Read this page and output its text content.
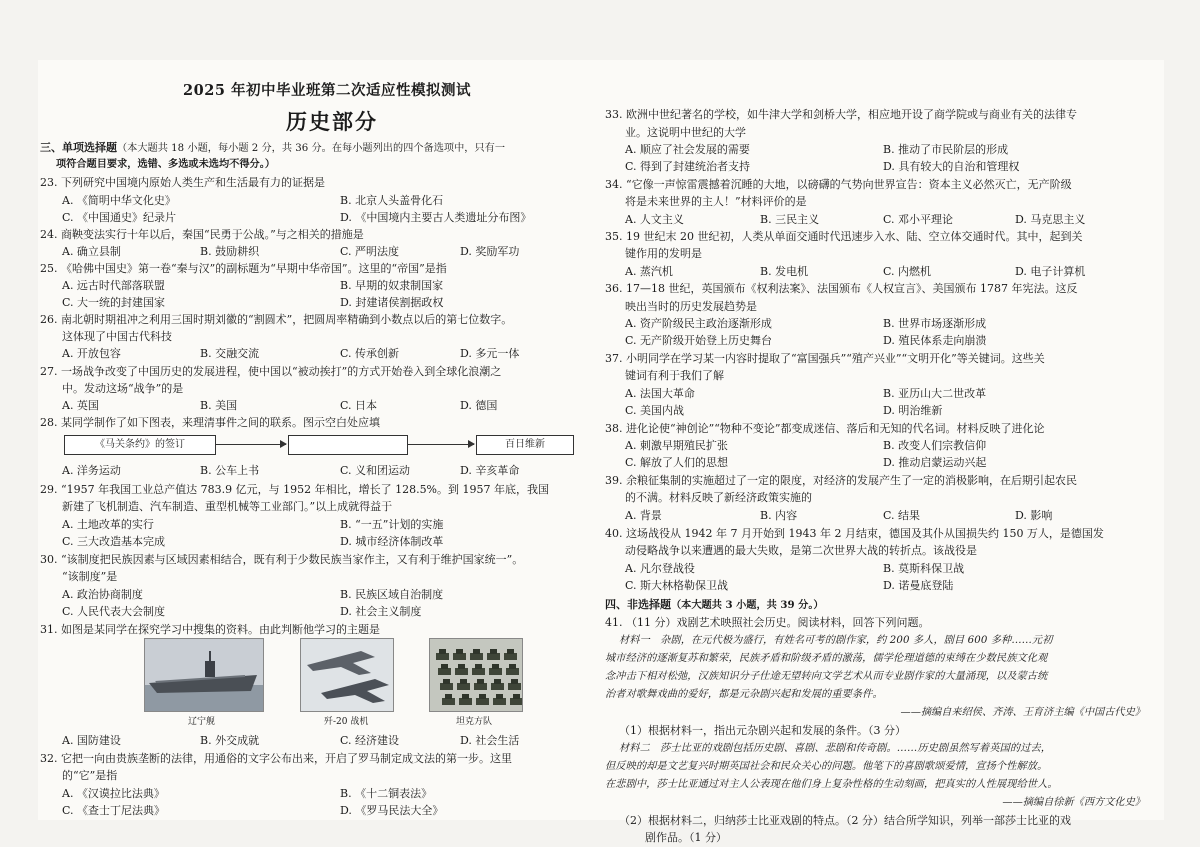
2025 年初中毕业班第二次适应性模拟测试
历史部分
三、单项选择题（本大题共 18 小题，每小题 2 分，共 36 分。在每小题列出的四个备选项中，只有一
项符合题目要求，选错、多选或未选均不得分。）
23. 下列研究中国境内原始人类生产和生活最有力的证据是
A. 《简明中华文化史》	B. 北京人头盖骨化石
C. 《中国通史》纪录片	D. 《中国境内主要古人类遗址分布图》
24. 商鞅变法实行十年以后，秦国“民勇于公战。”与之相关的措施是
A. 确立县制	B. 鼓励耕织	C. 严明法度	D. 奖励军功
25. 《哈佛中国史》第一卷“秦与汉”的副标题为“早期中华帝国”。这里的“帝国”是指
A. 远古时代部落联盟	B. 早期的奴隶制国家
C. 大一统的封建国家	D. 封建诸侯割据政权
26. 南北朝时期祖冲之利用三国时期刘徽的“割圆术”，把圆周率精确到小数点以后的第七位数字。
这体现了中国古代科技
A. 开放包容	B. 交融交流	C. 传承创新	D. 多元一体
27. 一场战争改变了中国历史的发展进程，使中国以“被动挨打”的方式开始卷入到全球化浪潮之
中。发动这场“战争”的是
A. 英国	B. 美国	C. 日本	D. 德国
28. 某同学制作了如下图表，来理清事件之间的联系。图示空白处应填
《马关条约》的签订	百日维新
A. 洋务运动	B. 公车上书	C. 义和团运动	D. 辛亥革命
29. “1957 年我国工业总产值达 783.9 亿元，与 1952 年相比，增长了 128.5%。到 1957 年底，我国
新建了飞机制造、汽车制造、重型机械等工业部门。”以上成就得益于
A. 土地改革的实行	B. “一五”计划的实施
C. 三大改造基本完成	D. 城市经济体制改革
30. “该制度把民族因素与区域因素相结合，既有利于少数民族当家作主，又有利于维护国家统一”。
“该制度”是
A. 政治协商制度	B. 民族区域自治制度
C. 人民代表大会制度	D. 社会主义制度
31. 如图是某同学在探究学习中搜集的资料。由此判断他学习的主题是
辽宁舰	歼-20 战机	坦克方队
A. 国防建设	B. 外交成就	C. 经济建设	D. 社会生活
32. 它把一向由贵族垄断的法律，用通俗的文字公布出来，开启了罗马制定成文法的第一步。这里
的“它”是指
A. 《汉谟拉比法典》	B. 《十二铜表法》
C. 《查士丁尼法典》	D. 《罗马民法大全》
33. 欧洲中世纪著名的学校，如牛津大学和剑桥大学，相应地开设了商学院或与商业有关的法律专
业。这说明中世纪的大学
A. 顺应了社会发展的需要	B. 推动了市民阶层的形成
C. 得到了封建统治者支持	D. 具有较大的自治和管理权
34. “它像一声惊雷震撼着沉睡的大地，以磅礴的气势向世界宣告：资本主义必然灭亡，无产阶级
将是未来世界的主人！”材料评价的是
A. 人文主义	B. 三民主义	C. 邓小平理论	D. 马克思主义
35. 19 世纪末 20 世纪初，人类从单面交通时代迅速步入水、陆、空立体交通时代。其中，起到关
键作用的发明是
A. 蒸汽机	B. 发电机	C. 内燃机	D. 电子计算机
36. 17—18 世纪，英国颁布《权利法案》、法国颁布《人权宣言》、美国颁布 1787 年宪法。这反
映出当时的历史发展趋势是
A. 资产阶级民主政治逐渐形成	B. 世界市场逐渐形成
C. 无产阶级开始登上历史舞台	D. 殖民体系走向崩溃
37. 小明同学在学习某一内容时提取了“富国强兵”“殖产兴业”“文明开化”等关键词。这些关
键词有利于我们了解
A. 法国大革命	B. 亚历山大二世改革
C. 美国内战	D. 明治维新
38. 进化论使“神创论”“物种不变论”都变成迷信、落后和无知的代名词。材料反映了进化论
A. 刺激早期殖民扩张	B. 改变人们宗教信仰
C. 解放了人们的思想	D. 推动启蒙运动兴起
39. 余粮征集制的实施超过了一定的限度，对经济的发展产生了一定的消极影响，在后期引起农民
的不满。材料反映了新经济政策实施的
A. 背景	B. 内容	C. 结果	D. 影响
40. 这场战役从 1942 年 7 月开始到 1943 年 2 月结束，德国及其仆从国损失约 150 万人，是德国发
动侵略战争以来遭遇的最大失败，是第二次世界大战的转折点。该战役是
A. 凡尔登战役	B. 莫斯科保卫战
C. 斯大林格勒保卫战	D. 诺曼底登陆
四、非选择题（本大题共 3 小题，共 39 分。）
41. （11 分）戏剧艺术映照社会历史。阅读材料，回答下列问题。
材料一　杂剧，在元代极为盛行，有姓名可考的剧作家，约 200 多人，剧目 600 多种……元初
城市经济的逐渐复苏和繁荣，民族矛盾和阶级矛盾的激荡，儒学伦理道德的束缚在少数民族文化观
念冲击下相对松弛，汉族知识分子仕途无望转向文学艺术从而专业剧作家的大量涌现，以及蒙古统
治者对歌舞戏曲的爱好，都是元杂剧兴起和发展的重要条件。
——摘编自来绍侯、齐涛、王育济主编《中国古代史》
（1）根据材料一，指出元杂剧兴起和发展的条件。（3 分）
材料二　莎士比亚的戏剧包括历史剧、喜剧、悲剧和传奇剧。……历史剧虽然写着英国的过去，
但反映的却是文艺复兴时期英国社会和民众关心的问题。他笔下的喜剧歌颂爱情，宣扬个性解放。
在悲剧中，莎士比亚通过对主人公表现在他们身上复杂性格的生动刻画，把真实的人性展现给世人。
——摘编自徐新《西方文化史》
（2）根据材料二，归纳莎士比亚戏剧的特点。（2 分）结合所学知识，列举一部莎士比亚的戏
剧作品。（1 分）
